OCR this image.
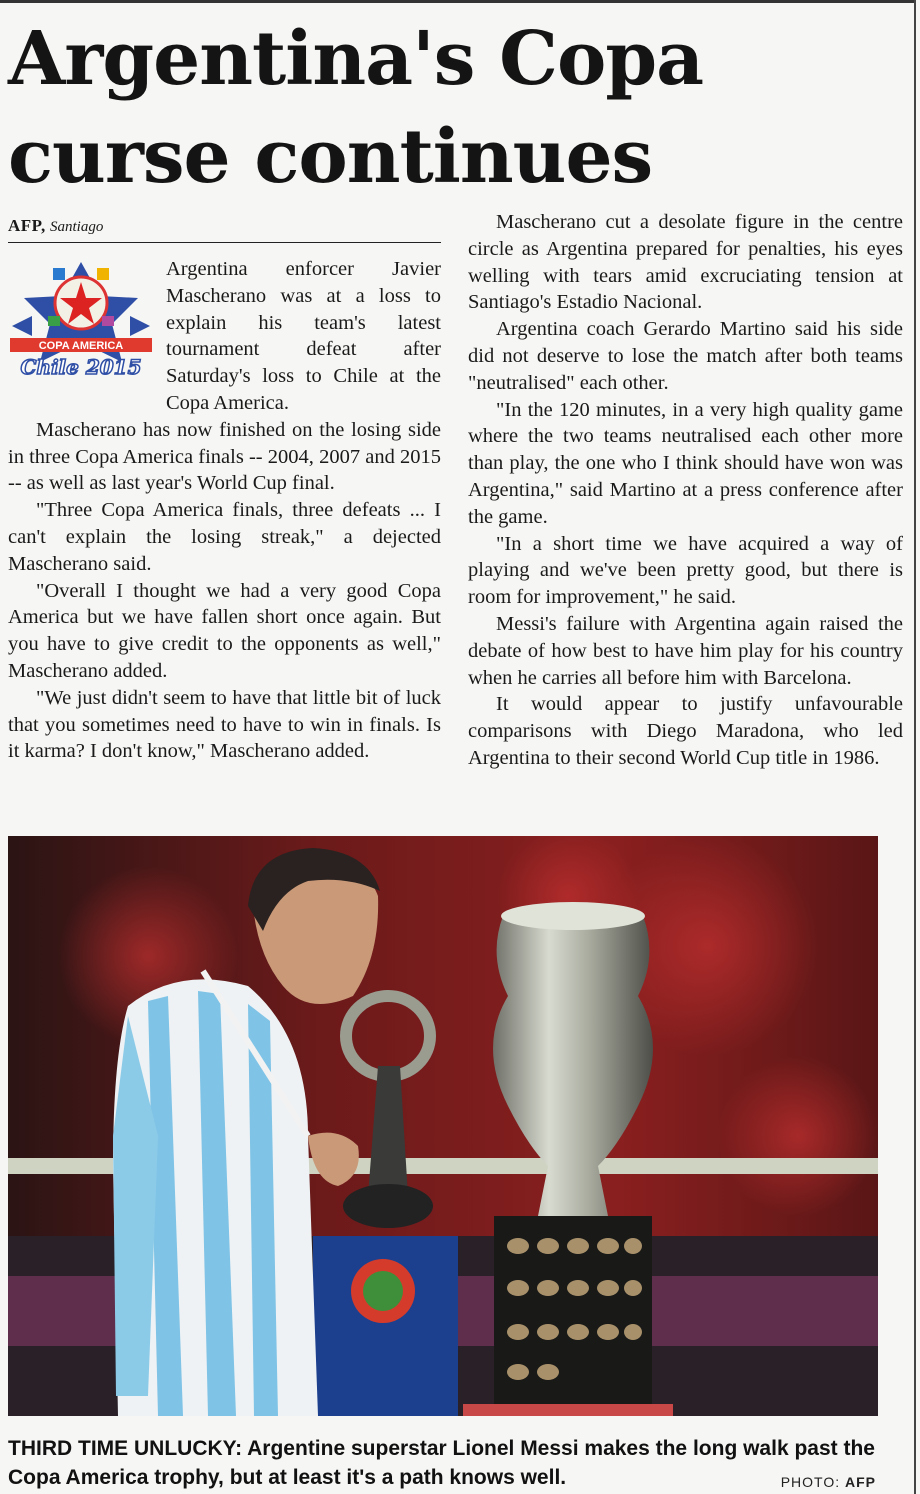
Argentina's Copa
curse continues
AFP, Santiago
COPA AMERICA
Chile 2015

Argentina enforcer Javier Mascherano was at a loss to explain his team's latest tournament defeat after Saturday's loss to Chile at the Copa America.

Mascherano has now finished on the losing side in three Copa America finals -- 2004, 2007 and 2015 -- as well as last year's World Cup final.

"Three Copa America finals, three defeats ... I can't explain the losing streak," a dejected Mascherano said.

"Overall I thought we had a very good Copa America but we have fallen short once again. But you have to give credit to the opponents as well," Mascherano added.

"We just didn't seem to have that little bit of luck that you sometimes need to have to win in finals. Is it karma? I don't know," Mascherano added.

Mascherano cut a desolate figure in the centre circle as Argentina prepared for penalties, his eyes welling with tears amid excruciating tension at Santiago's Estadio Nacional.

Argentina coach Gerardo Martino said his side did not deserve to lose the match after both teams "neutralised" each other.

"In the 120 minutes, in a very high quality game where the two teams neutralised each other more than play, the one who I think should have won was Argentina," said Martino at a press conference after the game.

"In a short time we have acquired a way of playing and we've been pretty good, but there is room for improvement," he said.

Messi's failure with Argentina again raised the debate of how best to have him play for his country when he carries all before him with Barcelona.

It would appear to justify unfavourable comparisons with Diego Maradona, who led Argentina to their second World Cup title in 1986.

THIRD TIME UNLUCKY: Argentine superstar Lionel Messi makes the long walk past the Copa America trophy, but at least it's a path knows well.	PHOTO: AFP
